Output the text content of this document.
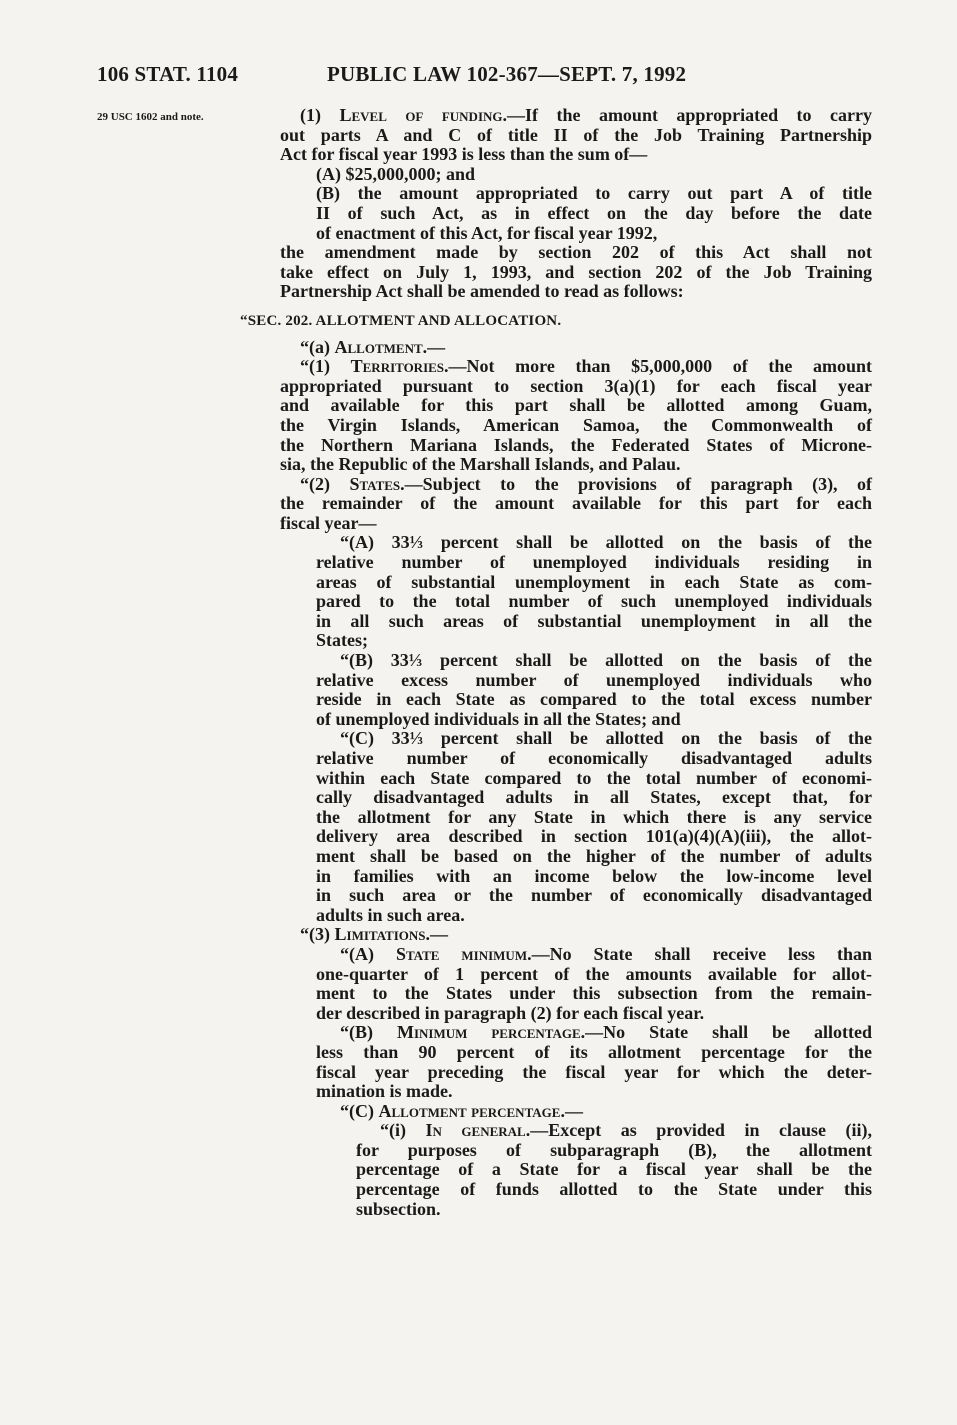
106 STAT. 1104	PUBLIC LAW 102-367—SEPT. 7, 1992
29 USC 1602 and note.	(1) Level of funding.—If the amount appropriated to carry
out parts A and C of title II of the Job Training Partnership
Act for fiscal year 1993 is less than the sum of—
(A) $25,000,000; and
(B) the amount appropriated to carry out part A of title
II of such Act, as in effect on the day before the date
of enactment of this Act, for fiscal year 1992,
the amendment made by section 202 of this Act shall not
take effect on July 1, 1993, and section 202 of the Job Training
Partnership Act shall be amended to read as follows:
“SEC. 202. ALLOTMENT AND ALLOCATION.
“(a) Allotment.—
“(1) Territories.—Not more than $5,000,000 of the amount
appropriated pursuant to section 3(a)(1) for each fiscal year
and available for this part shall be allotted among Guam,
the Virgin Islands, American Samoa, the Commonwealth of
the Northern Mariana Islands, the Federated States of Microne-
sia, the Republic of the Marshall Islands, and Palau.
“(2) States.—Subject to the provisions of paragraph (3), of
the remainder of the amount available for this part for each
fiscal year—
“(A) 33⅓ percent shall be allotted on the basis of the
relative number of unemployed individuals residing in
areas of substantial unemployment in each State as com-
pared to the total number of such unemployed individuals
in all such areas of substantial unemployment in all the
States;
“(B) 33⅓ percent shall be allotted on the basis of the
relative excess number of unemployed individuals who
reside in each State as compared to the total excess number
of unemployed individuals in all the States; and
“(C) 33⅓ percent shall be allotted on the basis of the
relative number of economically disadvantaged adults
within each State compared to the total number of economi-
cally disadvantaged adults in all States, except that, for
the allotment for any State in which there is any service
delivery area described in section 101(a)(4)(A)(iii), the allot-
ment shall be based on the higher of the number of adults
in families with an income below the low-income level
in such area or the number of economically disadvantaged
adults in such area.
“(3) Limitations.—
“(A) State minimum.—No State shall receive less than
one-quarter of 1 percent of the amounts available for allot-
ment to the States under this subsection from the remain-
der described in paragraph (2) for each fiscal year.
“(B) Minimum percentage.—No State shall be allotted
less than 90 percent of its allotment percentage for the
fiscal year preceding the fiscal year for which the deter-
mination is made.
“(C) Allotment percentage.—
“(i) In general.—Except as provided in clause (ii),
for purposes of subparagraph (B), the allotment
percentage of a State for a fiscal year shall be the
percentage of funds allotted to the State under this
subsection.
